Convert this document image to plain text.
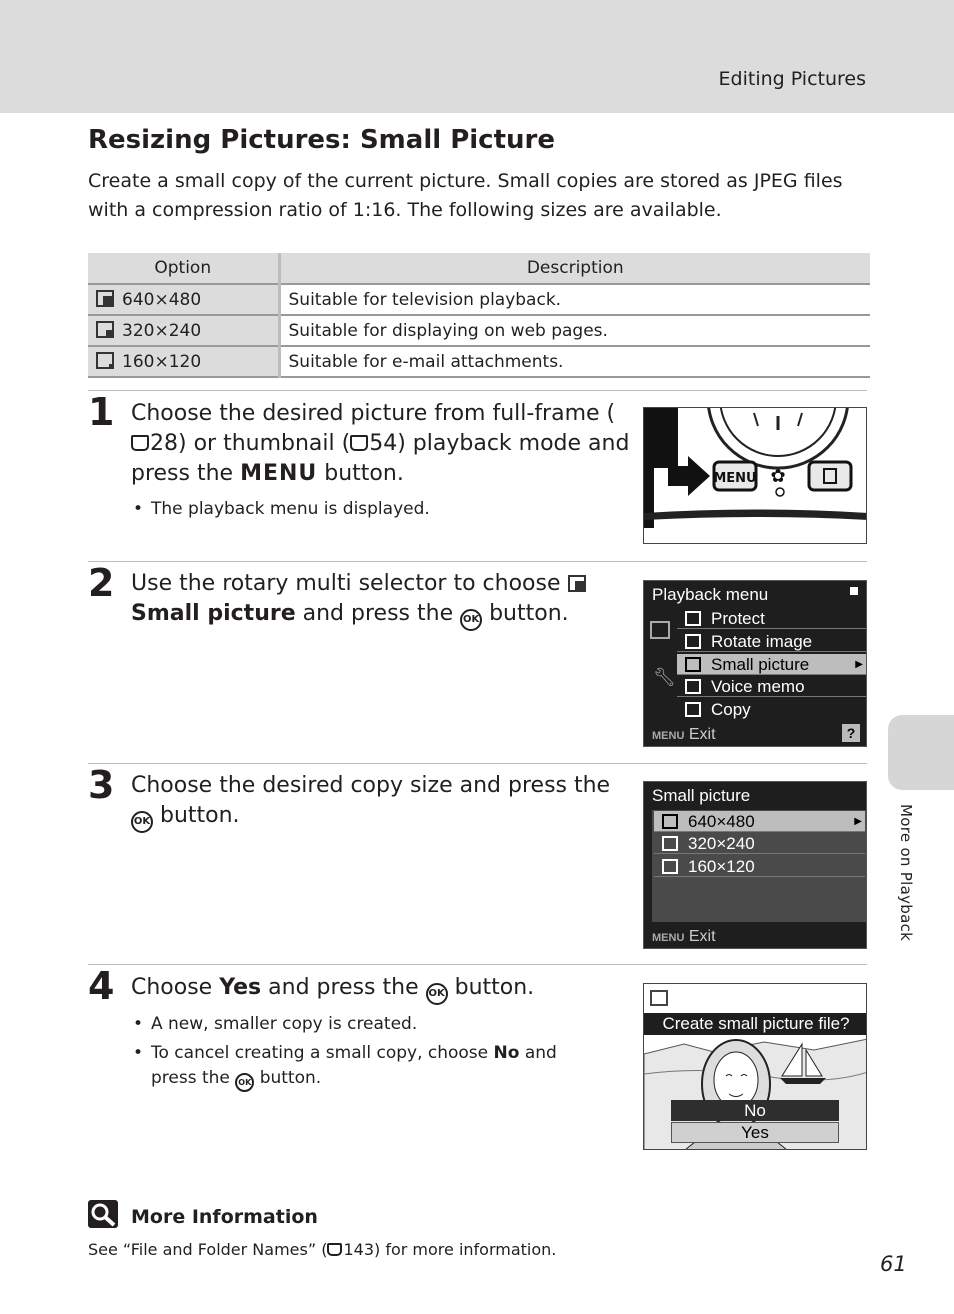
Editing Pictures
More on Playback
Resizing Pictures: Small Picture

Create a small copy of the current picture. Small copies are stored as JPEG files with a compression ratio of 1:16. The following sizes are available.

Option	Description

640×480	Suitable for television playback.

320×240	Suitable for displaying on web pages.

160×120	Suitable for e-mail attachments.
1 Choose the desired picture from full-frame (28) or thumbnail ( 54) playback mode and press the MENU button.
• The playback menu is displayed.
MENU ✿
2 Use the rotary multi selector to choose
Small picture and press the OK button.
Playback menu
🔧︎
Protect
Rotate image
Small picture	▶
Voice memo
Copy
MENU Exit	?
3 Choose the desired copy size and press the OK button.
Small picture
640×480	▶
320×240
160×120
MENU Exit
4 Choose Yes and press the OK button.
• A new, smaller copy is created.
• To cancel creating a small copy, choose No and press the OK button.
Create small picture file?
No
Yes
More Information
See “File and Folder Names” ( 143) for more information.
61
